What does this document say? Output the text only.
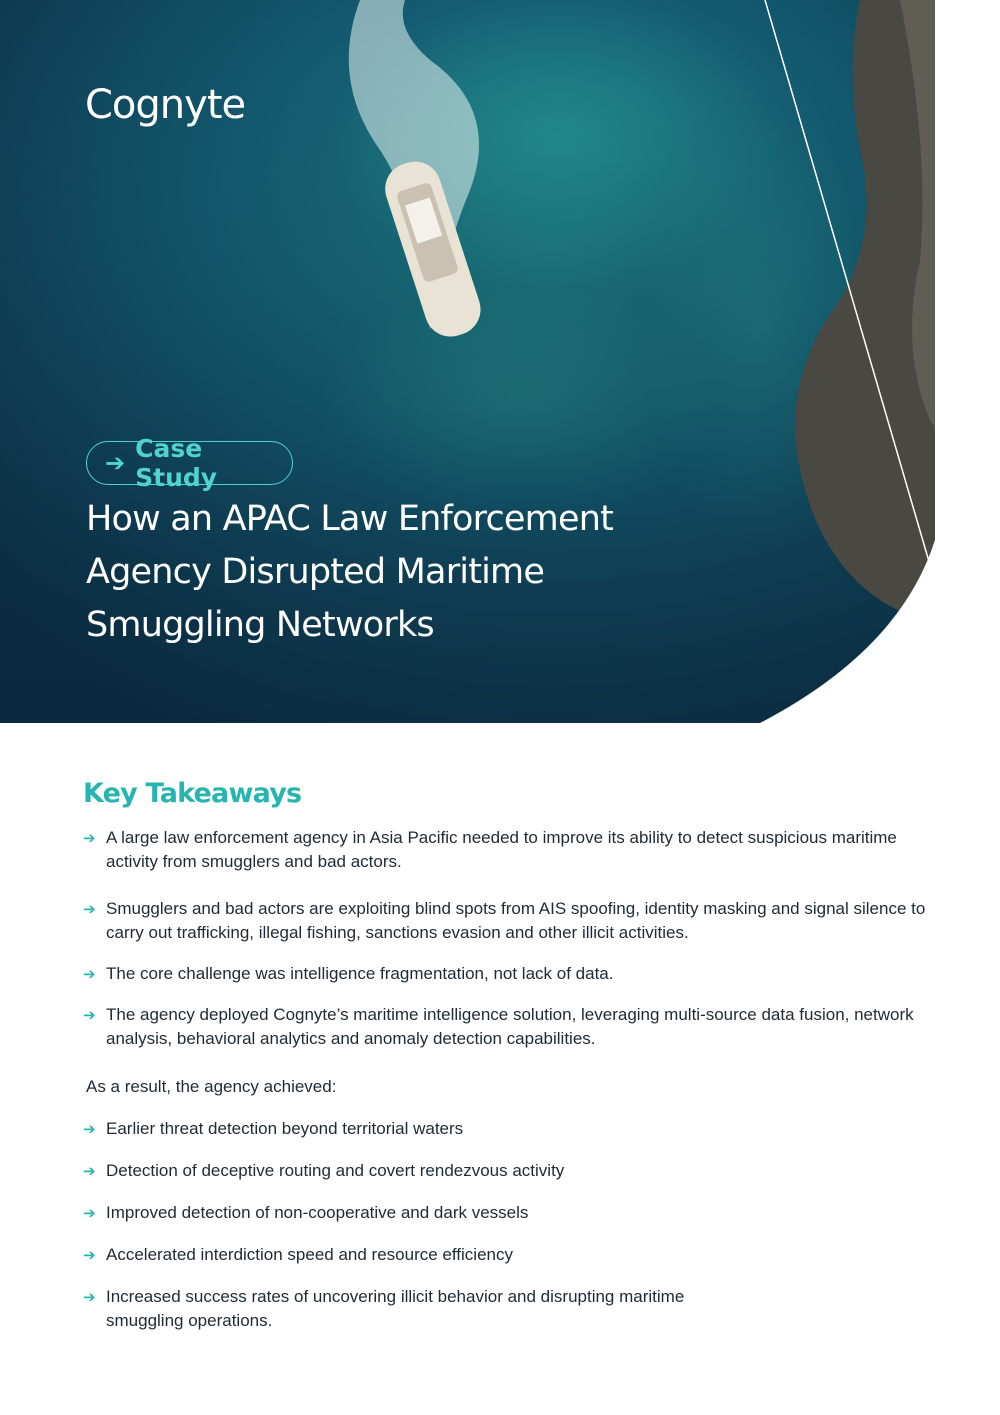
Cognyte
➔ Case Study
How an APAC Law Enforcement
Agency Disrupted Maritime
Smuggling Networks
Key Takeaways
➔ A large law enforcement agency in Asia Pacific needed to improve its ability to detect suspicious maritime activity from smugglers and bad actors.
➔ Smugglers and bad actors are exploiting blind spots from AIS spoofing, identity masking and signal silence to carry out trafficking, illegal fishing, sanctions evasion and other illicit activities.
➔ The core challenge was intelligence fragmentation, not lack of data.
➔ The agency deployed Cognyte’s maritime intelligence solution, leveraging multi-source data fusion, network analysis, behavioral analytics and anomaly detection capabilities.

As a result, the agency achieved:

➔ Earlier threat detection beyond territorial waters
➔ Detection of deceptive routing and covert rendezvous activity
➔ Improved detection of non-cooperative and dark vessels
➔ Accelerated interdiction speed and resource efficiency
➔ Increased success rates of uncovering illicit behavior and disrupting maritime smuggling operations.
